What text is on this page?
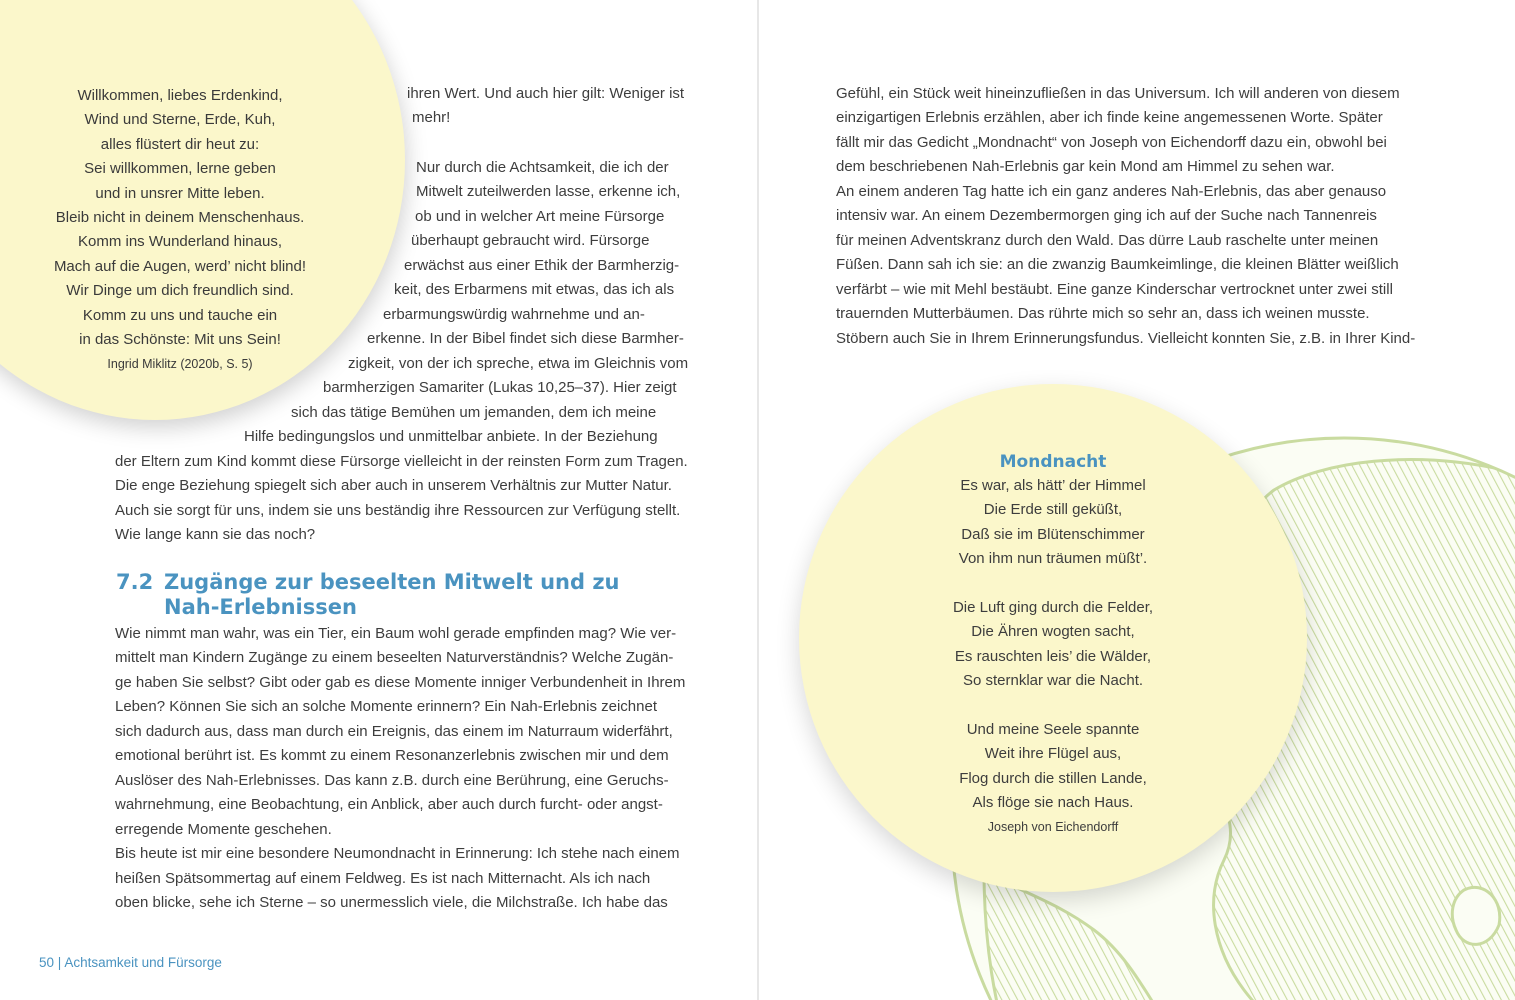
Willkommen, liebes Erdenkind,
Wind und Sterne, Erde, Kuh,
alles flüstert dir heut zu:
Sei willkommen, lerne geben
und in unsrer Mitte leben.
Bleib nicht in deinem Menschenhaus.
Komm ins Wunderland hinaus,
Mach auf die Augen, werd’ nicht blind!
Wir Dinge um dich freundlich sind.
Komm zu uns und tauche ein
in das Schönste: Mit uns Sein!
Ingrid Miklitz (2020b, S. 5)
ihren Wert. Und auch hier gilt: Weniger ist
mehr!
Nur durch die Achtsamkeit, die ich der
Mitwelt zuteilwerden lasse, erkenne ich,
ob und in welcher Art meine Fürsorge
überhaupt gebraucht wird. Fürsorge
erwächst aus einer Ethik der Barmherzig-
keit, des Erbarmens mit etwas, das ich als
erbarmungswürdig wahrnehme und an-
erkenne. In der Bibel findet sich diese Barmher-
zigkeit, von der ich spreche, etwa im Gleichnis vom
barmherzigen Samariter (Lukas 10,25–37). Hier zeigt
sich das tätige Bemühen um jemanden, dem ich meine
Hilfe bedingungslos und unmittelbar anbiete. In der Beziehung
der Eltern zum Kind kommt diese Fürsorge vielleicht in der reinsten Form zum Tragen.
Die enge Beziehung spiegelt sich aber auch in unserem Verhältnis zur Mutter Natur.
Auch sie sorgt für uns, indem sie uns beständig ihre Ressourcen zur Verfügung stellt.
Wie lange kann sie das noch?
7.2 Zugänge zur beseelten Mitwelt und zu
Nah-Erlebnissen
Wie nimmt man wahr, was ein Tier, ein Baum wohl gerade empfinden mag? Wie ver-
mittelt man Kindern Zugänge zu einem beseelten Naturverständnis? Welche Zugän-
ge haben Sie selbst? Gibt oder gab es diese Momente inniger Verbundenheit in Ihrem
Leben? Können Sie sich an solche Momente erinnern? Ein Nah-Erlebnis zeichnet
sich dadurch aus, dass man durch ein Ereignis, das einem im Naturraum widerfährt,
emotional berührt ist. Es kommt zu einem Resonanzerlebnis zwischen mir und dem
Auslöser des Nah-Erlebnisses. Das kann z.B. durch eine Berührung, eine Geruchs-
wahrnehmung, eine Beobachtung, ein Anblick, aber auch durch furcht- oder angst-
erregende Momente geschehen.
Bis heute ist mir eine besondere Neumondnacht in Erinnerung: Ich stehe nach einem
heißen Spätsommertag auf einem Feldweg. Es ist nach Mitternacht. Als ich nach
oben blicke, sehe ich Sterne – so unermesslich viele, die Milchstraße. Ich habe das
50 | Achtsamkeit und Fürsorge
Gefühl, ein Stück weit hineinzufließen in das Universum. Ich will anderen von diesem
einzigartigen Erlebnis erzählen, aber ich finde keine angemessenen Worte. Später
fällt mir das Gedicht „Mondnacht“ von Joseph von Eichendorff dazu ein, obwohl bei
dem beschriebenen Nah-Erlebnis gar kein Mond am Himmel zu sehen war.
An einem anderen Tag hatte ich ein ganz anderes Nah-Erlebnis, das aber genauso
intensiv war. An einem Dezembermorgen ging ich auf der Suche nach Tannenreis
für meinen Adventskranz durch den Wald. Das dürre Laub raschelte unter meinen
Füßen. Dann sah ich sie: an die zwanzig Baumkeimlinge, die kleinen Blätter weißlich
verfärbt – wie mit Mehl bestäubt. Eine ganze Kinderschar vertrocknet unter zwei still
trauernden Mutterbäumen. Das rührte mich so sehr an, dass ich weinen musste.
Stöbern auch Sie in Ihrem Erinnerungsfundus. Vielleicht konnten Sie, z.B. in Ihrer Kind-
Mondnacht
Es war, als hätt’ der Himmel
Die Erde still geküßt,
Daß sie im Blütenschimmer
Von ihm nun träumen müßt’.
Die Luft ging durch die Felder,
Die Ähren wogten sacht,
Es rauschten leis’ die Wälder,
So sternklar war die Nacht.
Und meine Seele spannte
Weit ihre Flügel aus,
Flog durch die stillen Lande,
Als flöge sie nach Haus.
Joseph von Eichendorff
